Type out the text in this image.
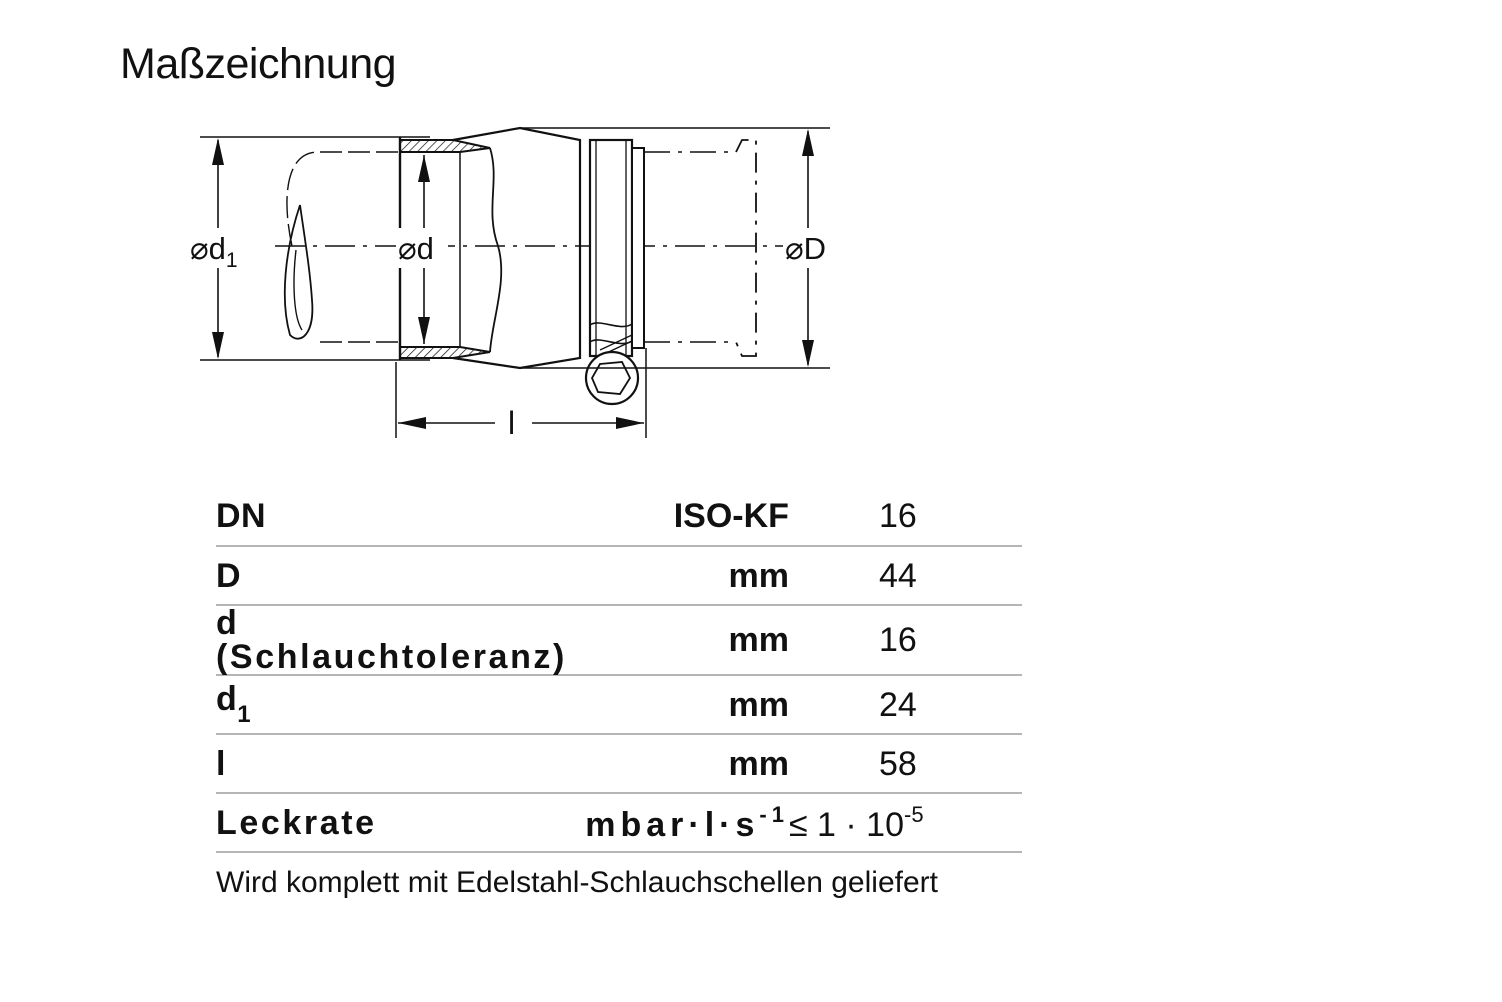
Maßzeichnung
$⌀d_1$	⌀d	⌀D
l
DN	ISO-KF	16
D	mm	44
d (Schlauchtoleranz)	mm	16
$d_1$	mm	24
l	mm	58
Leckrate	$mbar\cdot l\cdot s^{-1}$	≤ $1 \cdot 10^{-5}$
Wird komplett mit Edelstahl-Schlauchschellen geliefert
